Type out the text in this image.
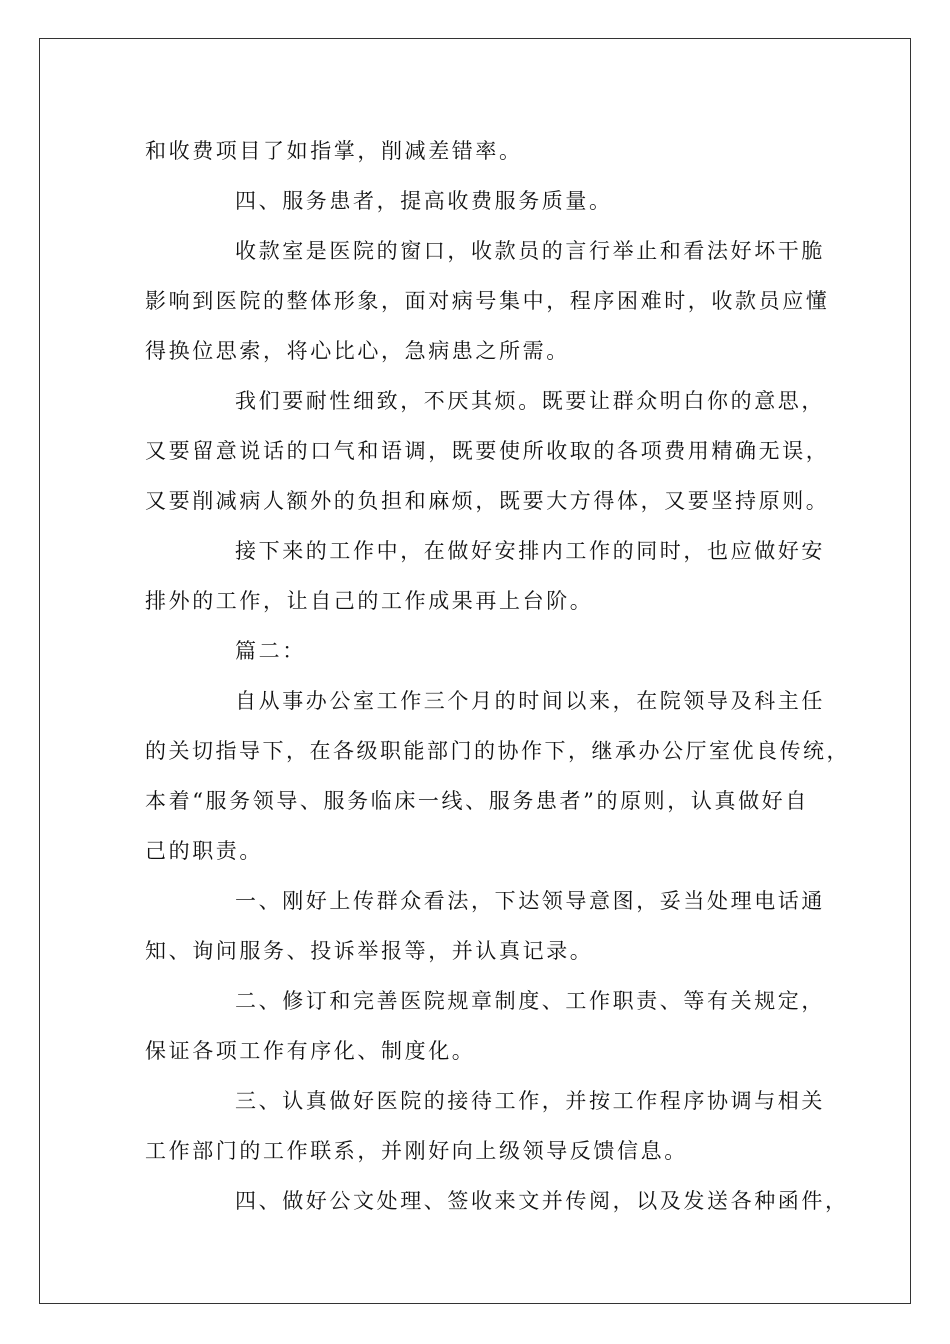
和收费项目了如指掌，削减差错率。
四、服务患者，提高收费服务质量。
收款室是医院的窗口，收款员的言行举止和看法好坏干脆
影响到医院的整体形象，面对病号集中，程序困难时，收款员应懂
得换位思索，将心比心，急病患之所需。
我们要耐性细致，不厌其烦。既要让群众明白你的意思，
又要留意说话的口气和语调，既要使所收取的各项费用精确无误，
又要削减病人额外的负担和麻烦，既要大方得体，又要坚持原则。
接下来的工作中，在做好安排内工作的同时，也应做好安
排外的工作，让自己的工作成果再上台阶。
篇二：
自从事办公室工作三个月的时间以来，在院领导及科主任
的关切指导下，在各级职能部门的协作下，继承办公厅室优良传统，
本着“服务领导、服务临床一线、服务患者”的原则，认真做好自
己的职责。
一、刚好上传群众看法，下达领导意图，妥当处理电话通
知、询问服务、投诉举报等，并认真记录。
二、修订和完善医院规章制度、工作职责、等有关规定，
保证各项工作有序化、制度化。
三、认真做好医院的接待工作，并按工作程序协调与相关
工作部门的工作联系，并刚好向上级领导反馈信息。
四、做好公文处理、签收来文并传阅，以及发送各种函件，
